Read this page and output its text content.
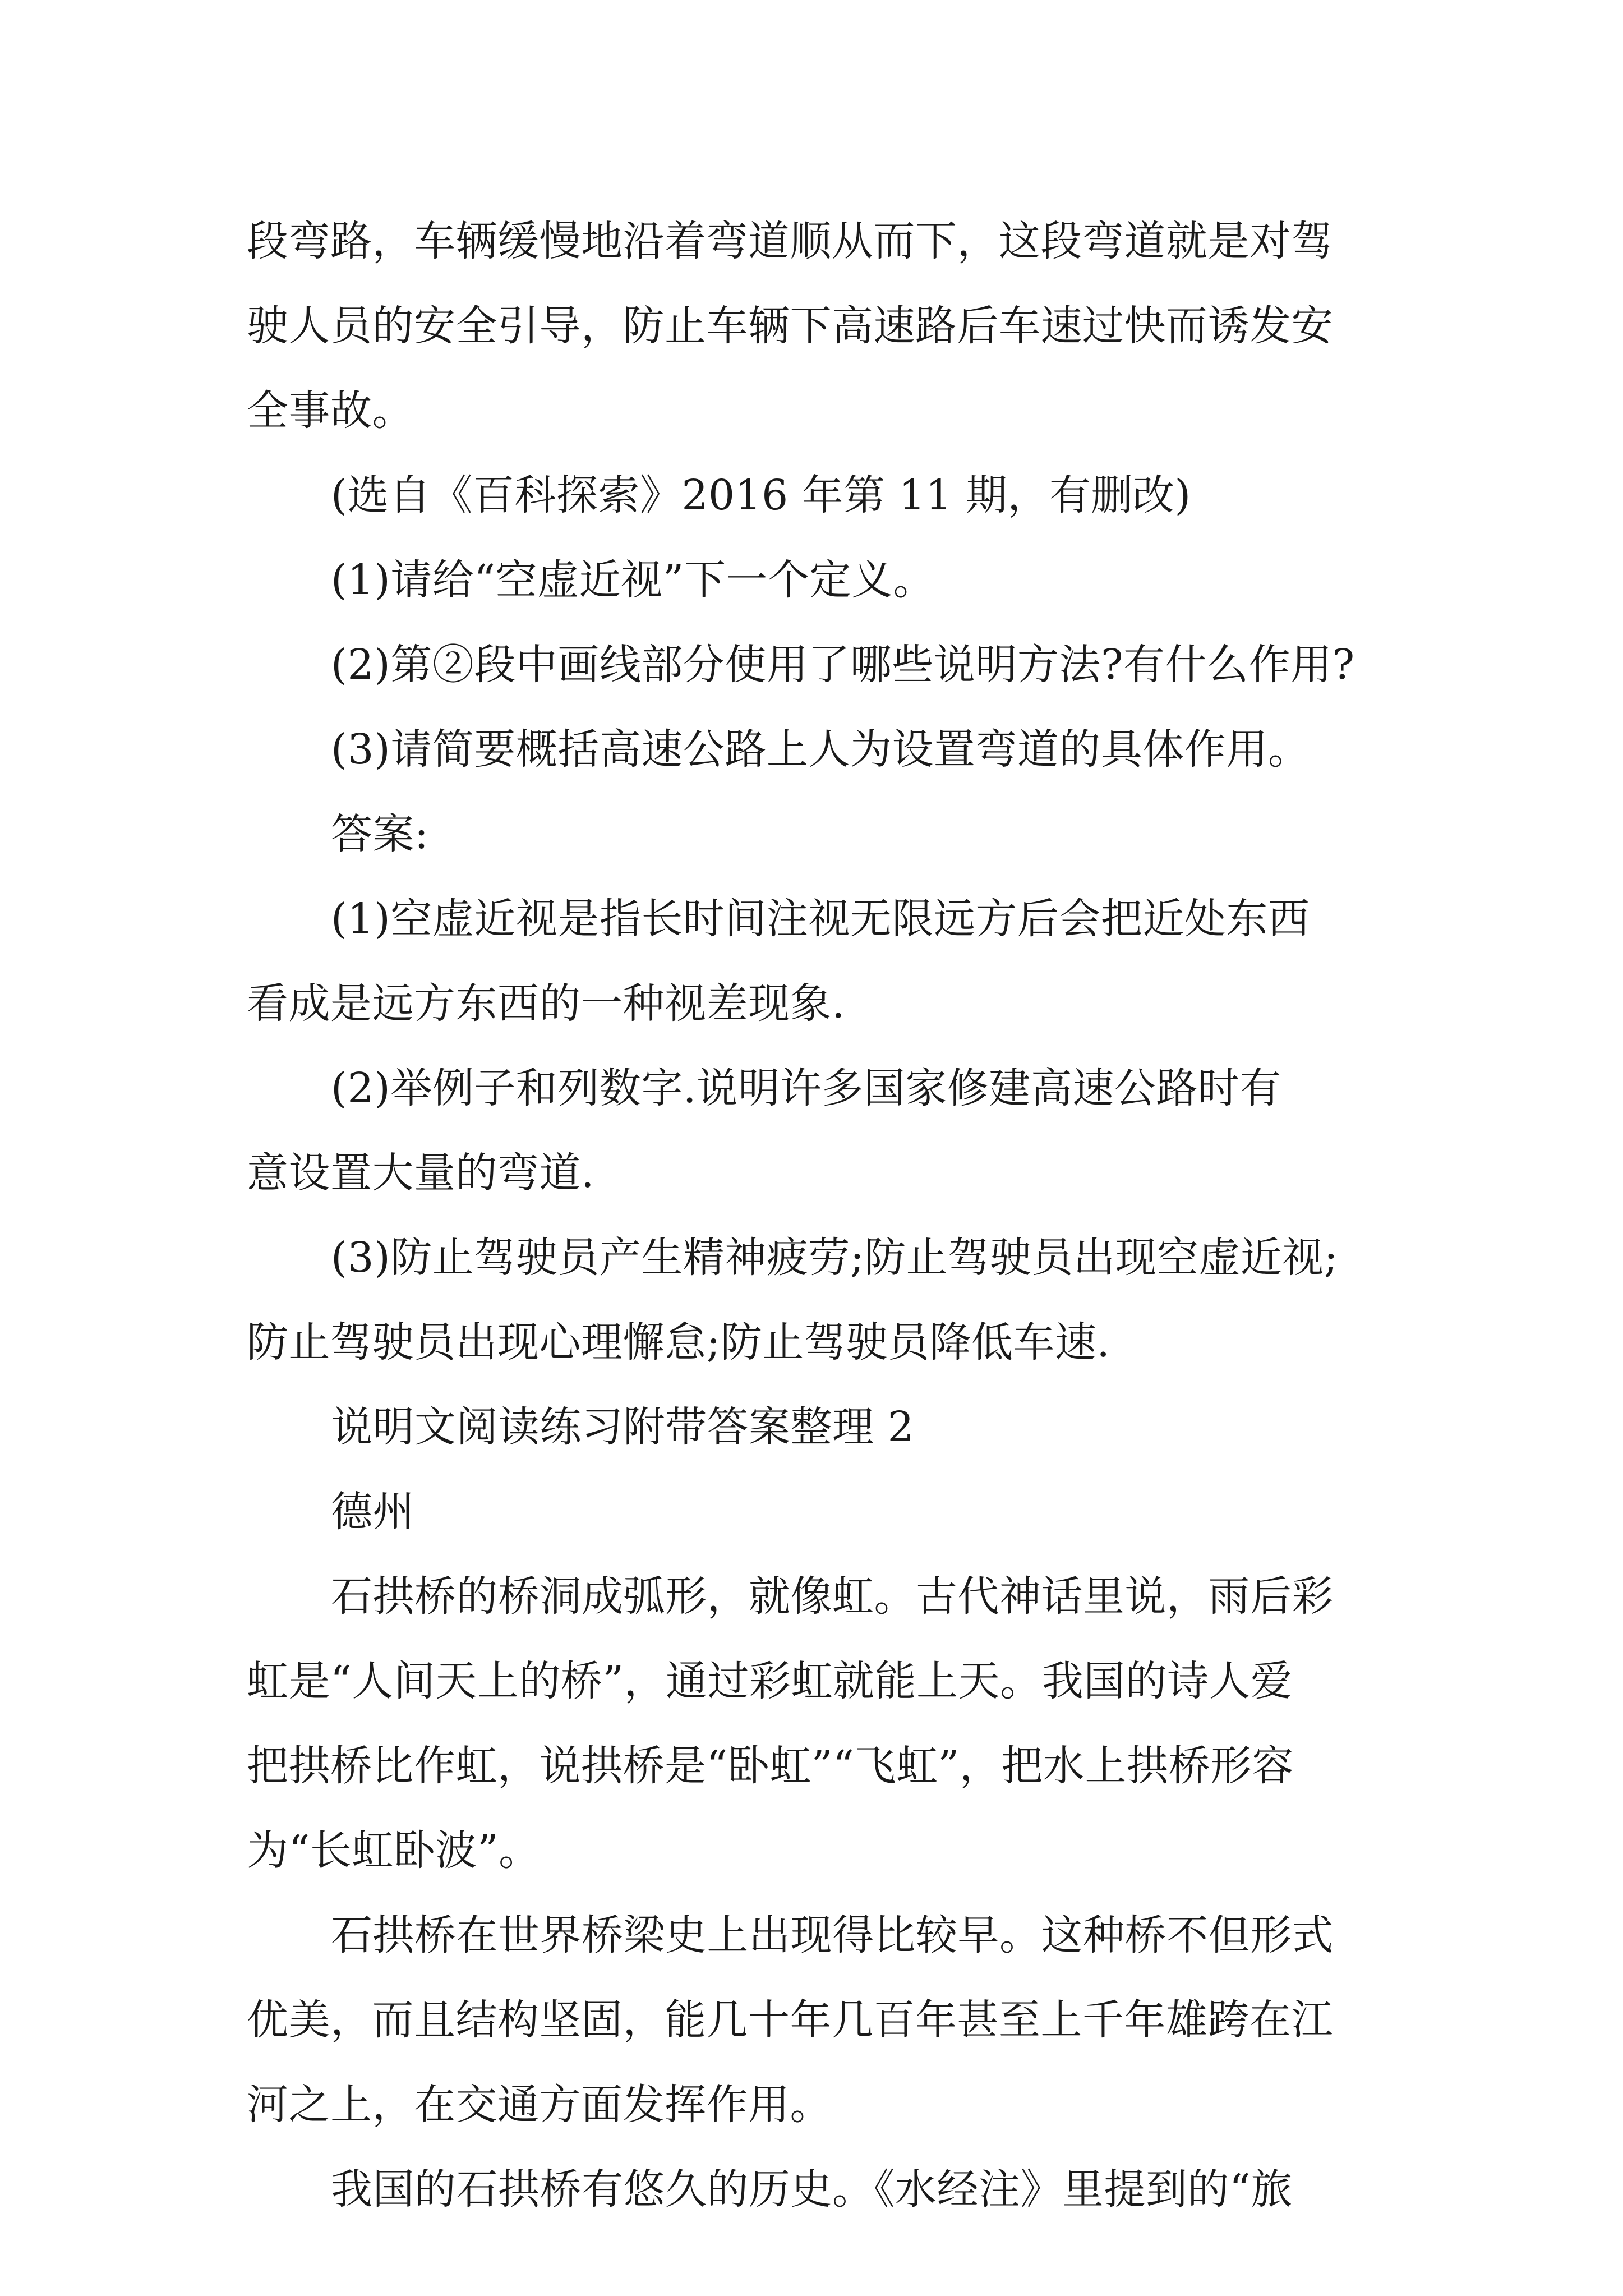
段弯路，车辆缓慢地沿着弯道顺从而下，这段弯道就是对驾
驶人员的安全引导，防止车辆下高速路后车速过快而诱发安
全事故。
(选自《百科探索》2016 年第 11 期，有删改)
(1)请给“空虚近视”下一个定义。
(2)第②段中画线部分使用了哪些说明方法?有什么作用?
(3)请简要概括高速公路上人为设置弯道的具体作用。
答案:
(1)空虚近视是指长时间注视无限远方后会把近处东西
看成是远方东西的一种视差现象.
(2)举例子和列数字.说明许多国家修建高速公路时有
意设置大量的弯道.
(3)防止驾驶员产生精神疲劳;防止驾驶员出现空虚近视;
防止驾驶员出现心理懈怠;防止驾驶员降低车速.
说明文阅读练习附带答案整理 2
德州
石拱桥的桥洞成弧形，就像虹。古代神话里说，雨后彩
虹是“人间天上的桥”，通过彩虹就能上天。我国的诗人爱
把拱桥比作虹，说拱桥是“卧虹”“飞虹”，把水上拱桥形容
为“长虹卧波”。
石拱桥在世界桥梁史上出现得比较早。这种桥不但形式
优美，而且结构坚固，能几十年几百年甚至上千年雄跨在江
河之上，在交通方面发挥作用。
我国的石拱桥有悠久的历史。《水经注》里提到的“旅
